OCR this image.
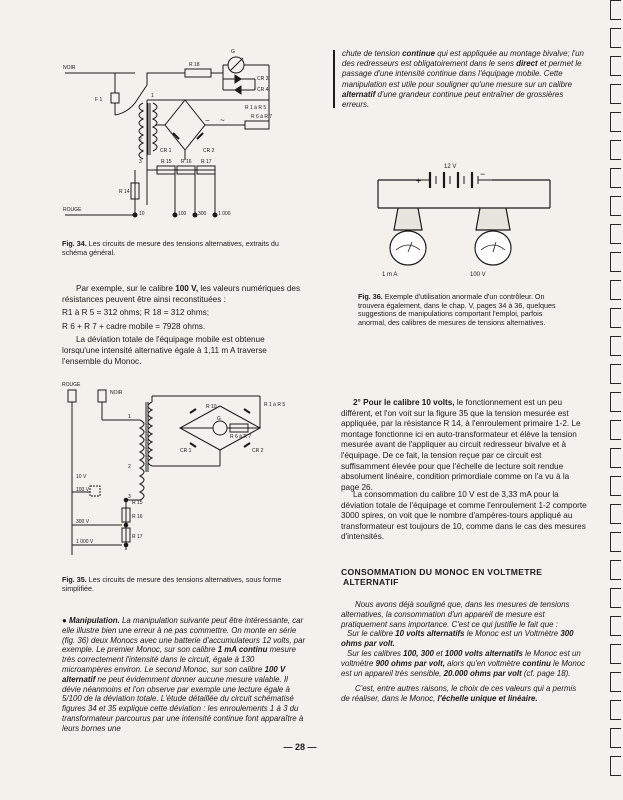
NOIR
ROUGE
F 1
R 18
G
CR 3
CR 4
R 1 à R 5
R 6 à R 7
CR 1	CR 2
R 15 R 16 R 17
R 14
10	100 300 1 000
1
2
3
− ~
Fig. 34. Les circuits de mesure des tensions alternatives, extraits du schéma général.

Par exemple, sur le calibre 100 V, les valeurs numériques des résistances peuvent être ainsi reconstituées :

R1 à R 5 = 312 ohms; R 18 = 312 ohms;

R 6 + R 7 + cadre mobile = 7928 ohms.

La déviation totale de l'équipage mobile est obtenue lorsqu'une intensité alternative égale à 1,11 m A traverse l'ensemble du Monoc.

ROUGE
NOIR
R 10	R 1 à R 5
G
R 6 à R 7
CR 1	CR 2
1
2
3
10 V
100 V
300 V
1 000 V
R 15
R 16
R 17
Fig. 35. Les circuits de mesure des tensions alternatives, sous forme simplifiée.

● Manipulation. La manipulation suivante peut être intéressante, car elle illustre bien une erreur à ne pas commettre. On monte en série (fig. 36) deux Monocs avec une batterie d'accumulateurs 12 volts, par exemple. Le premier Monoc, sur son calibre 1 mA continu mesure très correctement l'intensité dans le circuit, égale à 130 microampères environ. Le second Monoc, sur son calibre 100 V alternatif ne peut évidemment donner aucune mesure valable. Il dévie néanmoins et l'on observe par exemple une lecture égale à 5/100 de la déviation totale. L'étude détaillée du circuit schématisé figures 34 et 35 explique cette déviation : les enroulements 1 à 3 du transformateur parcourus par une intensité continue font apparaître à leurs bornes une

chute de tension continue qui est appliquée au montage bivalve; l'un des redresseurs est obligatoirement dans le sens direct et permet le passage d'une intensité continue dans l'équipage mobile. Cette manipulation est utile pour souligner qu'une mesure sur un calibre alternatif d'une grandeur continue peut entraîner de grossières erreurs.

12 V
+
−
1 m A	100 V
Fig. 36. Exemple d'utilisation anormale d'un contrôleur. On trouvera également, dans le chap. V, pages 34 à 36, quelques suggestions de manipulations comportant l'emploi, parfois anormal, des calibres de mesures de tensions alternatives.

2° Pour le calibre 10 volts, le fonctionnement est un peu différent, et l'on voit sur la figure 35 que la tension mesurée est appliquée, par la résistance R 14, à l'enroulement primaire 1-2. Le montage fonctionne ici en auto-transformateur et élève la tension mesurée avant de l'appliquer au circuit redresseur bivalve et à l'équipage. De ce fait, la tension reçue par ce circuit est suffisamment élevée pour que l'échelle de lecture soit rendue absolument linéaire, condition primordiale comme on l'a vu à la page 26.

La consommation du calibre 10 V est de 3,33 mA pour la déviation totale de l'équipage et comme l'enroulement 1-2 comporte 3000 spires, on voit que le nombre d'ampères-tours appliqué au transformateur est toujours de 10, comme dans le cas des mesures d'intensités.

CONSOMMATION DU MONOC EN VOLTMETRE
ALTERNATIF

Nous avons déjà souligné que, dans les mesures de tensions alternatives, la consommation d'un appareil de mesure est pratiquement sans importance. C'est ce qui justifie le fait que :

Sur le calibre 10 volts alternatifs le Monoc est un Voltmètre 300 ohms par volt.

Sur les calibres 100, 300 et 1000 volts alternatifs le Monoc est un voltmètre 900 ohms par volt, alors qu'en voltmètre continu le Monoc est un appareil très sensible, 20.000 ohms par volt (cf. page 18).

C'est, entre autres raisons, le choix de ces valeurs qui a permis de réaliser, dans le Monoc, l'échelle unique et linéaire.

— 28 —
